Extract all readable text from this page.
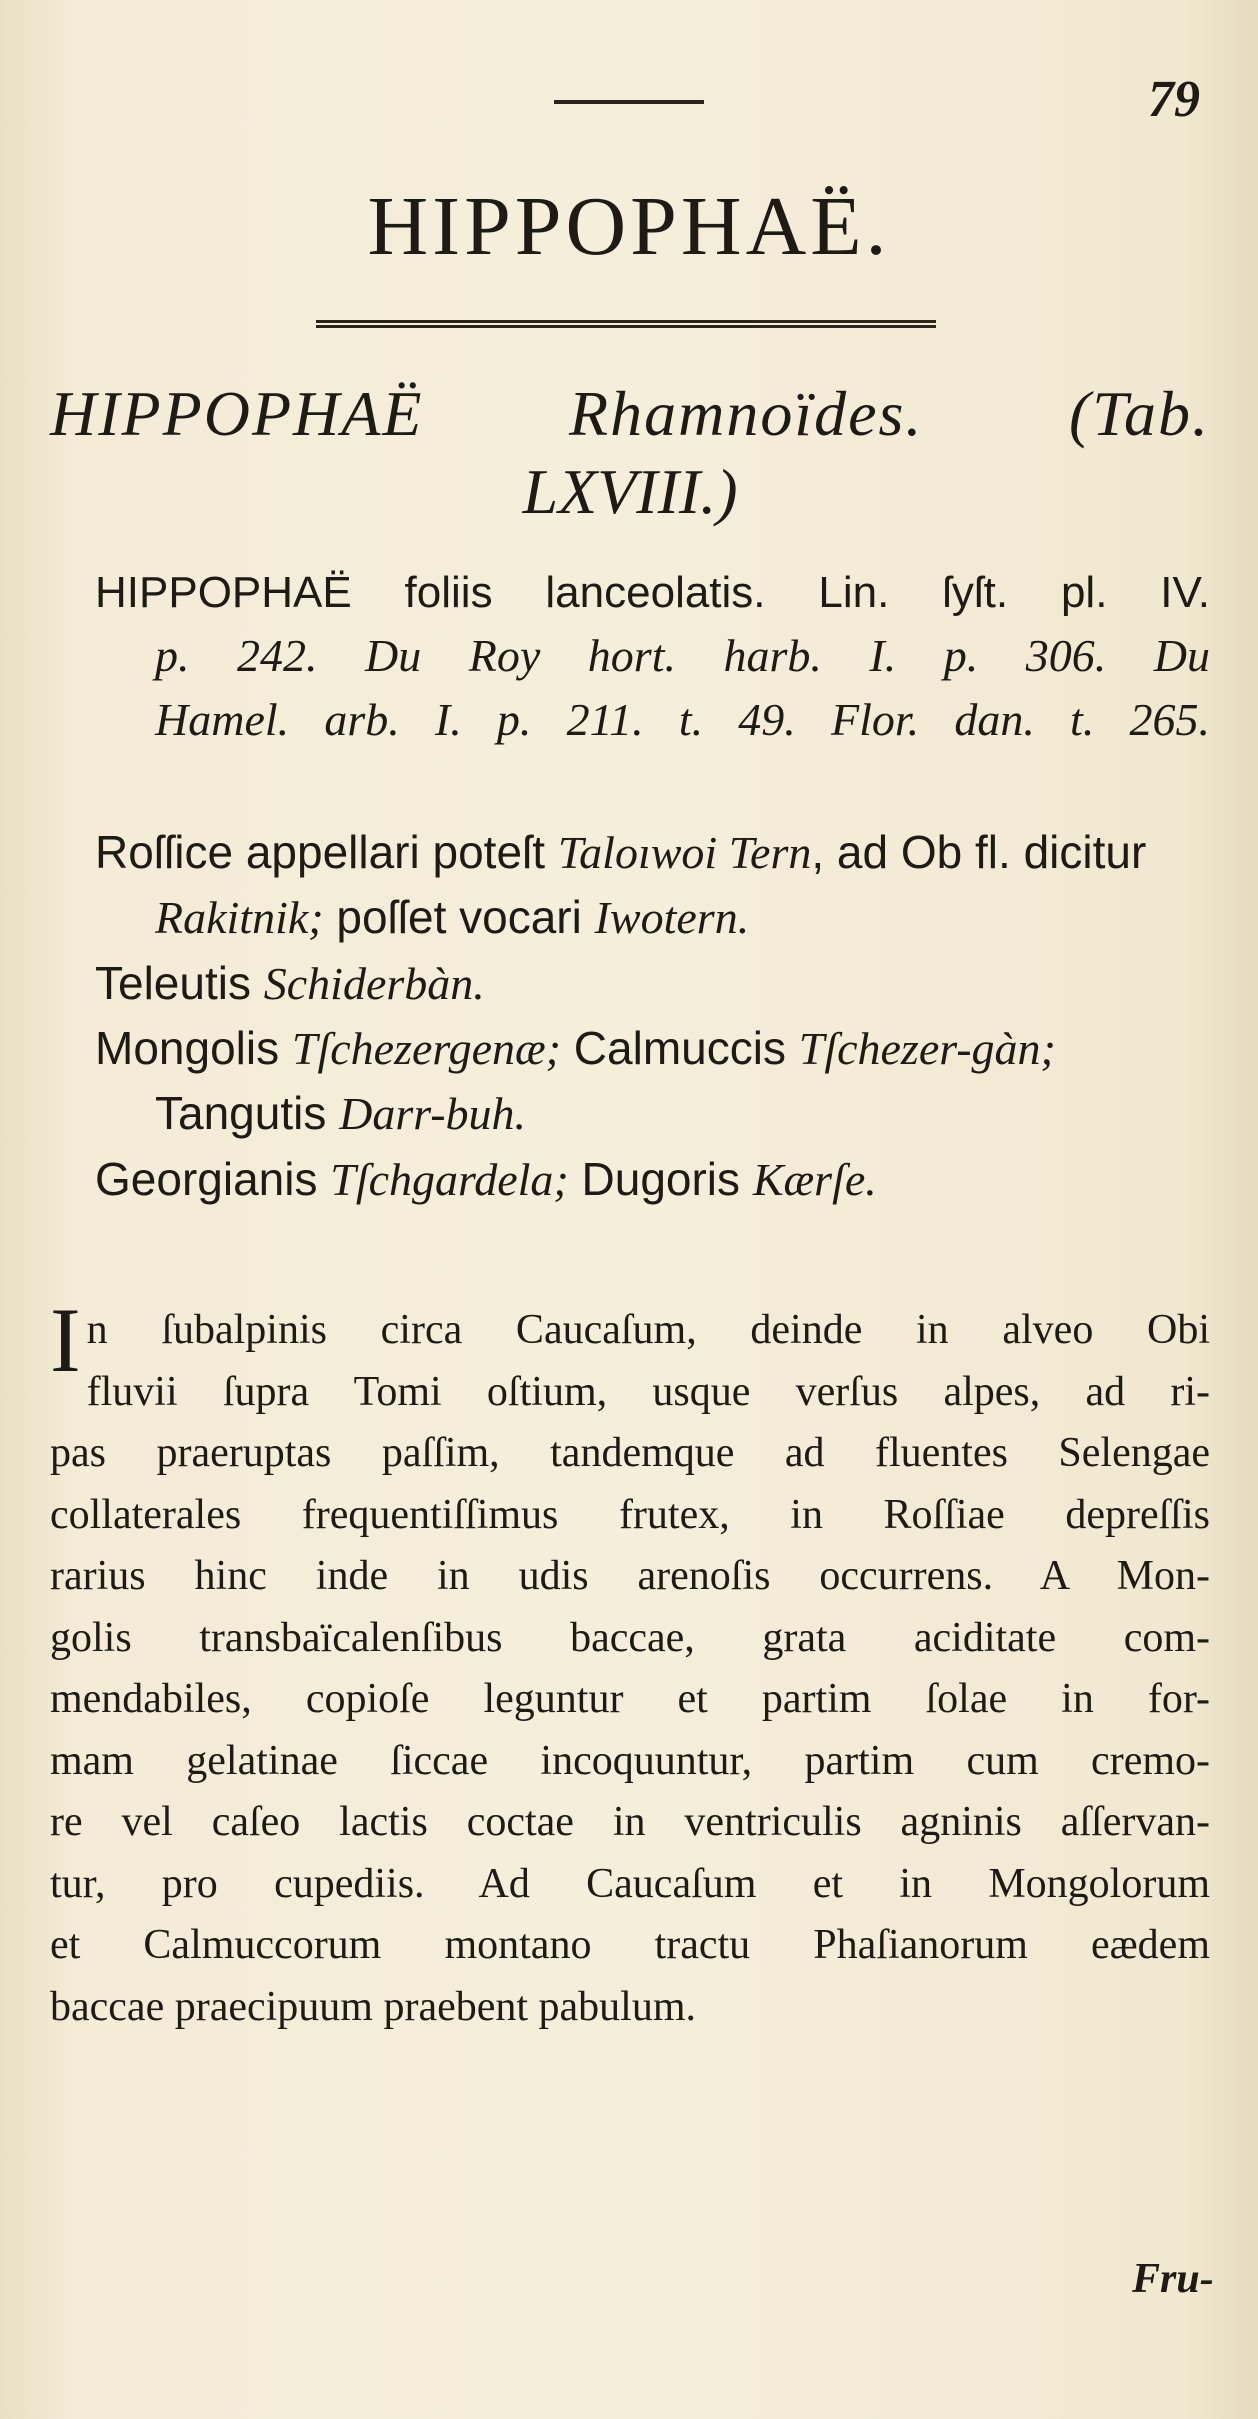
79
HIPPOPHAË.
HIPPOPHAË Rhamnoïdes. (Tab.
LXVIII.)
HIPPOPHAË foliis lanceolatis. Lin. ſyſt. pl. IV.
p. 242. Du Roy hort. harb. I. p. 306. Du
Hamel. arb. I. p. 211. t. 49. Flor. dan. t. 265.
Roſſice appellari poteſt Taloıwoi Tern, ad Ob fl. dicitur Rakitnik; poſſet vocari Iwotern.
Teleutis Schiderbàn.
Mongolis Tſchezergenæ; Calmuccis Tſchezer-gàn; Tangutis Darr-buh.
Georgianis Tſchgardela; Dugoris Kærſe.
I n ſubalpinis circa Caucaſum, deinde in alveo Obi
fluvii ſupra Tomi oſtium, usque verſus alpes, ad ri-
pas praeruptas paſſim, tandemque ad fluentes Selengae
collaterales frequentiſſimus frutex, in Roſſiae depreſſis
rarius hinc inde in udis arenoſis occurrens. A Mon-
golis transbaïcalenſibus baccae, grata aciditate com-
mendabiles, copioſe leguntur et partim ſolae in for-
mam gelatinae ſiccae incoquuntur, partim cum cremo-
re vel caſeo lactis coctae in ventriculis agninis aſſervan-
tur, pro cupediis. Ad Caucaſum et in Mongolorum
et Calmuccorum montano tractu Phaſianorum eædem
baccae praecipuum praebent pabulum.
Fru-
